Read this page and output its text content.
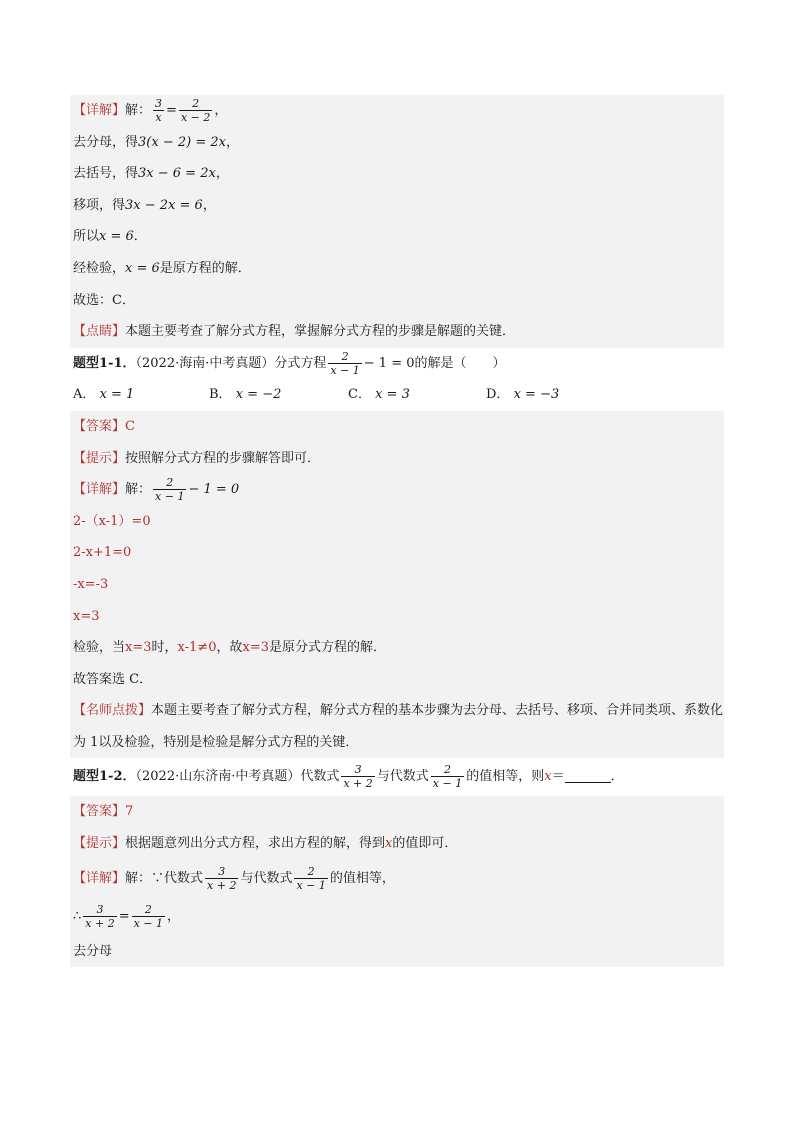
【详解】解： $\frac{3}{x} = \frac{2}{x - 2}$ ，
去分母，得3(x − 2) = 2x，
去括号，得3x − 6 = 2x，
移项，得3x − 2x = 6，
所以x = 6．
经检验，x = 6是原方程的解．
故选：C．
【点睛】本题主要考查了解分式方程，掌握解分式方程的步骤是解题的关键．
题型1-1．（2022·海南·中考真题）分式方程 $\frac{2}{x - 1} - 1 = 0$的解是（　　）
A． x = 1	B． x = −2	C． x = 3	D． x = −3
【答案】C
【提示】按照解分式方程的步骤解答即可．
【详解】解： $\frac{2}{x - 1} - 1 = 0$
2-（x-1）=0
2-x+1=0
-x=-3
x=3
检验，当x=3时，x-1≠0，故x=3是原分式方程的解．
故答案选 C．
【名师点拨】本题主要考查了解分式方程，解分式方程的基本步骤为去分母、去括号、移项、合并同类项、系数化为 1以及检验，特别是检验是解分式方程的关键．
题型1-2．（2022·山东济南·中考真题）代数式 $\frac{3}{x + 2}$ 与代数式 $\frac{2}{x - 1}$ 的值相等，则x＝	．
【答案】7
【提示】根据题意列出分式方程，求出方程的解，得到x的值即可．
【详解】解：∵代数式 $\frac{3}{x + 2}$ 与代数式 $\frac{2}{x - 1}$ 的值相等，
∴ $\frac{3}{x + 2} = \frac{2}{x - 1}$ ，
去分母
